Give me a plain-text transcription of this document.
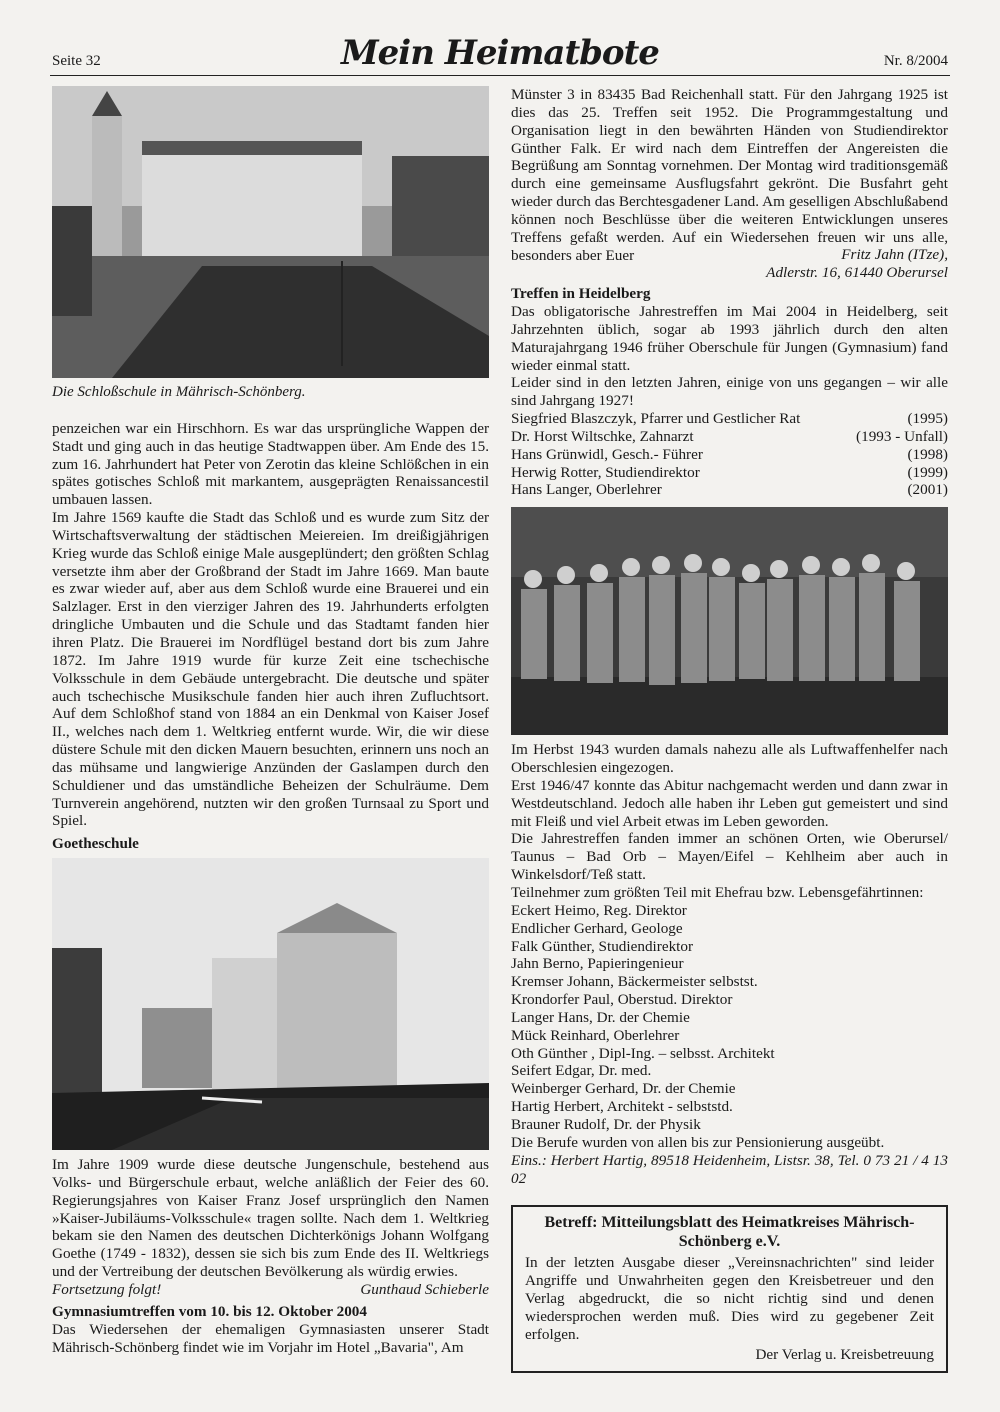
Seite 32	Mein Heimatbote	Nr. 8/2004
Die Schloßschule in Mährisch-Schönberg.

penzeichen war ein Hirschhorn. Es war das ursprüngliche Wappen der Stadt und ging auch in das heutige Stadtwappen über. Am Ende des 15. zum 16. Jahrhundert hat Peter von Zerotin das kleine Schlößchen in ein spätes gotisches Schloß mit markantem, ausgeprägten Renaissancestil umbauen lassen.

Im Jahre 1569 kaufte die Stadt das Schloß und es wurde zum Sitz der Wirtschaftsverwaltung der städtischen Meiereien. Im dreißigjährigen Krieg wurde das Schloß einige Male ausgeplündert; den größten Schlag versetzte ihm aber der Großbrand der Stadt im Jahre 1669. Man baute es zwar wieder auf, aber aus dem Schloß wurde eine Brauerei und ein Salzlager. Erst in den vierziger Jahren des 19. Jahrhunderts erfolgten dringliche Umbauten und die Schule und das Stadtamt fanden hier ihren Platz. Die Brauerei im Nordflügel bestand dort bis zum Jahre 1872. Im Jahre 1919 wurde für kurze Zeit eine tschechische Volksschule in dem Gebäude untergebracht. Die deutsche und später auch tschechische Musikschule fanden hier auch ihren Zufluchtsort. Auf dem Schloßhof stand von 1884 an ein Denkmal von Kaiser Josef II., welches nach dem 1. Weltkrieg entfernt wurde. Wir, die wir diese düstere Schule mit den dicken Mauern besuchten, erinnern uns noch an das mühsame und langwierige Anzünden der Gaslampen durch den Schuldiener und das umständliche Beheizen der Schulräume. Dem Turnverein angehörend, nutzten wir den großen Turnsaal zu Sport und Spiel.

Goetheschule

Im Jahre 1909 wurde diese deutsche Jungenschule, bestehend aus Volks- und Bürgerschule erbaut, welche anläßlich der Feier des 60. Regierungsjahres von Kaiser Franz Josef ursprünglich den Namen »Kaiser-Jubiläums-Volksschule« tragen sollte. Nach dem 1. Weltkrieg bekam sie den Namen des deutschen Dichterkönigs Johann Wolfgang Goethe (1749 - 1832), dessen sie sich bis zum Ende des II. Weltkriegs und der Vertreibung der deutschen Bevölkerung als würdig erwies.

Fortsetzung folgt!	Gunthaud Schieberle
Gymnasiumtreffen vom 10. bis 12. Oktober 2004

Das Wiedersehen der ehemaligen Gymnasiasten unserer Stadt Mährisch-Schönberg findet wie im Vorjahr im Hotel „Bavaria", Am

Münster 3 in 83435 Bad Reichenhall statt. Für den Jahrgang 1925 ist dies das 25. Treffen seit 1952. Die Programmgestaltung und Organisation liegt in den bewährten Händen von Studiendirektor Günther Falk. Er wird nach dem Eintreffen der Angereisten die Begrüßung am Sonntag vornehmen. Der Montag wird traditionsgemäß durch eine gemeinsame Ausflugsfahrt gekrönt. Die Busfahrt geht wieder durch das Berchtesgadener Land. Am geselligen Abschlußabend können noch Beschlüsse über die weiteren Entwicklungen unseres Treffens gefaßt werden. Auf ein Wiedersehen freuen wir uns alle, besonders aber Euer	Fritz Jahn (ITze),
Adlerstr. 16, 61440 Oberursel
Treffen in Heidelberg

Das obligatorische Jahrestreffen im Mai 2004 in Heidelberg, seit Jahrzehnten üblich, sogar ab 1993 jährlich durch den alten Maturajahrgang 1946 früher Oberschule für Jungen (Gymnasium) fand wieder einmal statt.

Leider sind in den letzten Jahren, einige von uns gegangen – wir alle sind Jahrgang 1927!

Siegfried Blaszczyk, Pfarrer und Gestlicher Rat	(1995)
Dr. Horst Wiltschke, Zahnarzt	(1993 - Unfall)
Hans Grünwidl, Gesch.- Führer	(1998)
Herwig Rotter, Studiendirektor	(1999)
Hans Langer, Oberlehrer	(2001)

Im Herbst 1943 wurden damals nahezu alle als Luftwaffenhelfer nach Oberschlesien eingezogen.

Erst 1946/47 konnte das Abitur nachgemacht werden und dann zwar in Westdeutschland. Jedoch alle haben ihr Leben gut gemeistert und sind mit Fleiß und viel Arbeit etwas im Leben geworden.

Die Jahrestreffen fanden immer an schönen Orten, wie Oberursel/ Taunus – Bad Orb – Mayen/Eifel – Kehlheim aber auch in Winkelsdorf/Teß statt.

Teilnehmer zum größten Teil mit Ehefrau bzw. Lebensgefährtinnen:

Eckert Heimo, Reg. Direktor
Endlicher Gerhard, Geologe
Falk Günther, Studiendirektor
Jahn Berno, Papieringenieur
Kremser Johann, Bäckermeister selbstst.
Krondorfer Paul, Oberstud. Direktor
Langer Hans, Dr. der Chemie
Mück Reinhard, Oberlehrer
Oth Günther , Dipl-Ing. – selbsst. Architekt
Seifert Edgar, Dr. med.
Weinberger Gerhard, Dr. der Chemie
Hartig Herbert, Architekt - selbststd.
Brauner Rudolf, Dr. der Physik

Die Berufe wurden von allen bis zur Pensionierung ausgeübt.

Eins.: Herbert Hartig, 89518 Heidenheim, Listsr. 38, Tel. 0 73 21 / 4 13 02

Betreff: Mitteilungsblatt des Heimatkreises Mährisch-Schönberg e.V.

In der letzten Ausgabe dieser „Vereinsnachrichten" sind leider Angriffe und Unwahrheiten gegen den Kreisbetreuer und den Verlag abgedruckt, die so nicht richtig sind und denen wiedersprochen werden muß. Dies wird zu gegebener Zeit erfolgen.

Der Verlag u. Kreisbetreuung
